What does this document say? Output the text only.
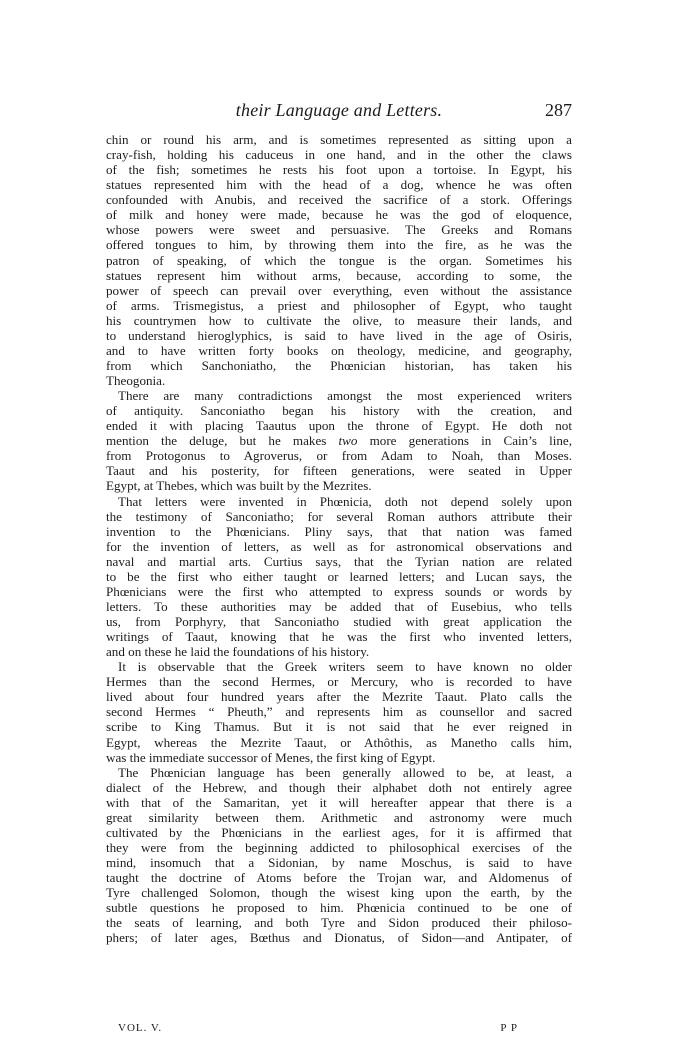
their Language and Letters.	287
chin or round his arm, and is sometimes represented as sitting upon a
cray-fish, holding his caduceus in one hand, and in the other the claws
of the fish; sometimes he rests his foot upon a tortoise. In Egypt, his
statues represented him with the head of a dog, whence he was often
confounded with Anubis, and received the sacrifice of a stork. Offerings
of milk and honey were made, because he was the god of eloquence,
whose powers were sweet and persuasive. The Greeks and Romans
offered tongues to him, by throwing them into the fire, as he was the
patron of speaking, of which the tongue is the organ. Sometimes his
statues represent him without arms, because, according to some, the
power of speech can prevail over everything, even without the assistance
of arms. Trismegistus, a priest and philosopher of Egypt, who taught
his countrymen how to cultivate the olive, to measure their lands, and
to understand hieroglyphics, is said to have lived in the age of Osiris,
and to have written forty books on theology, medicine, and geography,
from which Sanchoniatho, the Phœnician historian, has taken his
Theogonia.
There are many contradictions amongst the most experienced writers
of antiquity. Sanconiatho began his history with the creation, and
ended it with placing Taautus upon the throne of Egypt. He doth not
mention the deluge, but he makes two more generations in Cain’s line,
from Protogonus to Agroverus, or from Adam to Noah, than Moses.
Taaut and his posterity, for fifteen generations, were seated in Upper
Egypt, at Thebes, which was built by the Mezrites.
That letters were invented in Phœnicia, doth not depend solely upon
the testimony of Sanconiatho; for several Roman authors attribute their
invention to the Phœnicians. Pliny says, that that nation was famed
for the invention of letters, as well as for astronomical observations and
naval and martial arts. Curtius says, that the Tyrian nation are related
to be the first who either taught or learned letters; and Lucan says, the
Phœnicians were the first who attempted to express sounds or words by
letters. To these authorities may be added that of Eusebius, who tells
us, from Porphyry, that Sanconiatho studied with great application the
writings of Taaut, knowing that he was the first who invented letters,
and on these he laid the foundations of his history.
It is observable that the Greek writers seem to have known no older
Hermes than the second Hermes, or Mercury, who is recorded to have
lived about four hundred years after the Mezrite Taaut. Plato calls the
second Hermes “ Pheuth,” and represents him as counsellor and sacred
scribe to King Thamus. But it is not said that he ever reigned in
Egypt, whereas the Mezrite Taaut, or Athôthis, as Manetho calls him,
was the immediate successor of Menes, the first king of Egypt.
The Phœnician language has been generally allowed to be, at least, a
dialect of the Hebrew, and though their alphabet doth not entirely agree
with that of the Samaritan, yet it will hereafter appear that there is a
great similarity between them. Arithmetic and astronomy were much
cultivated by the Phœnicians in the earliest ages, for it is affirmed that
they were from the beginning addicted to philosophical exercises of the
mind, insomuch that a Sidonian, by name Moschus, is said to have
taught the doctrine of Atoms before the Trojan war, and Aldomenus of
Tyre challenged Solomon, though the wisest king upon the earth, by the
subtle questions he proposed to him. Phœnicia continued to be one of
the seats of learning, and both Tyre and Sidon produced their philoso-
phers; of later ages, Bœthus and Dionatus, of Sidon—and Antipater, of
VOL. V.	P P
